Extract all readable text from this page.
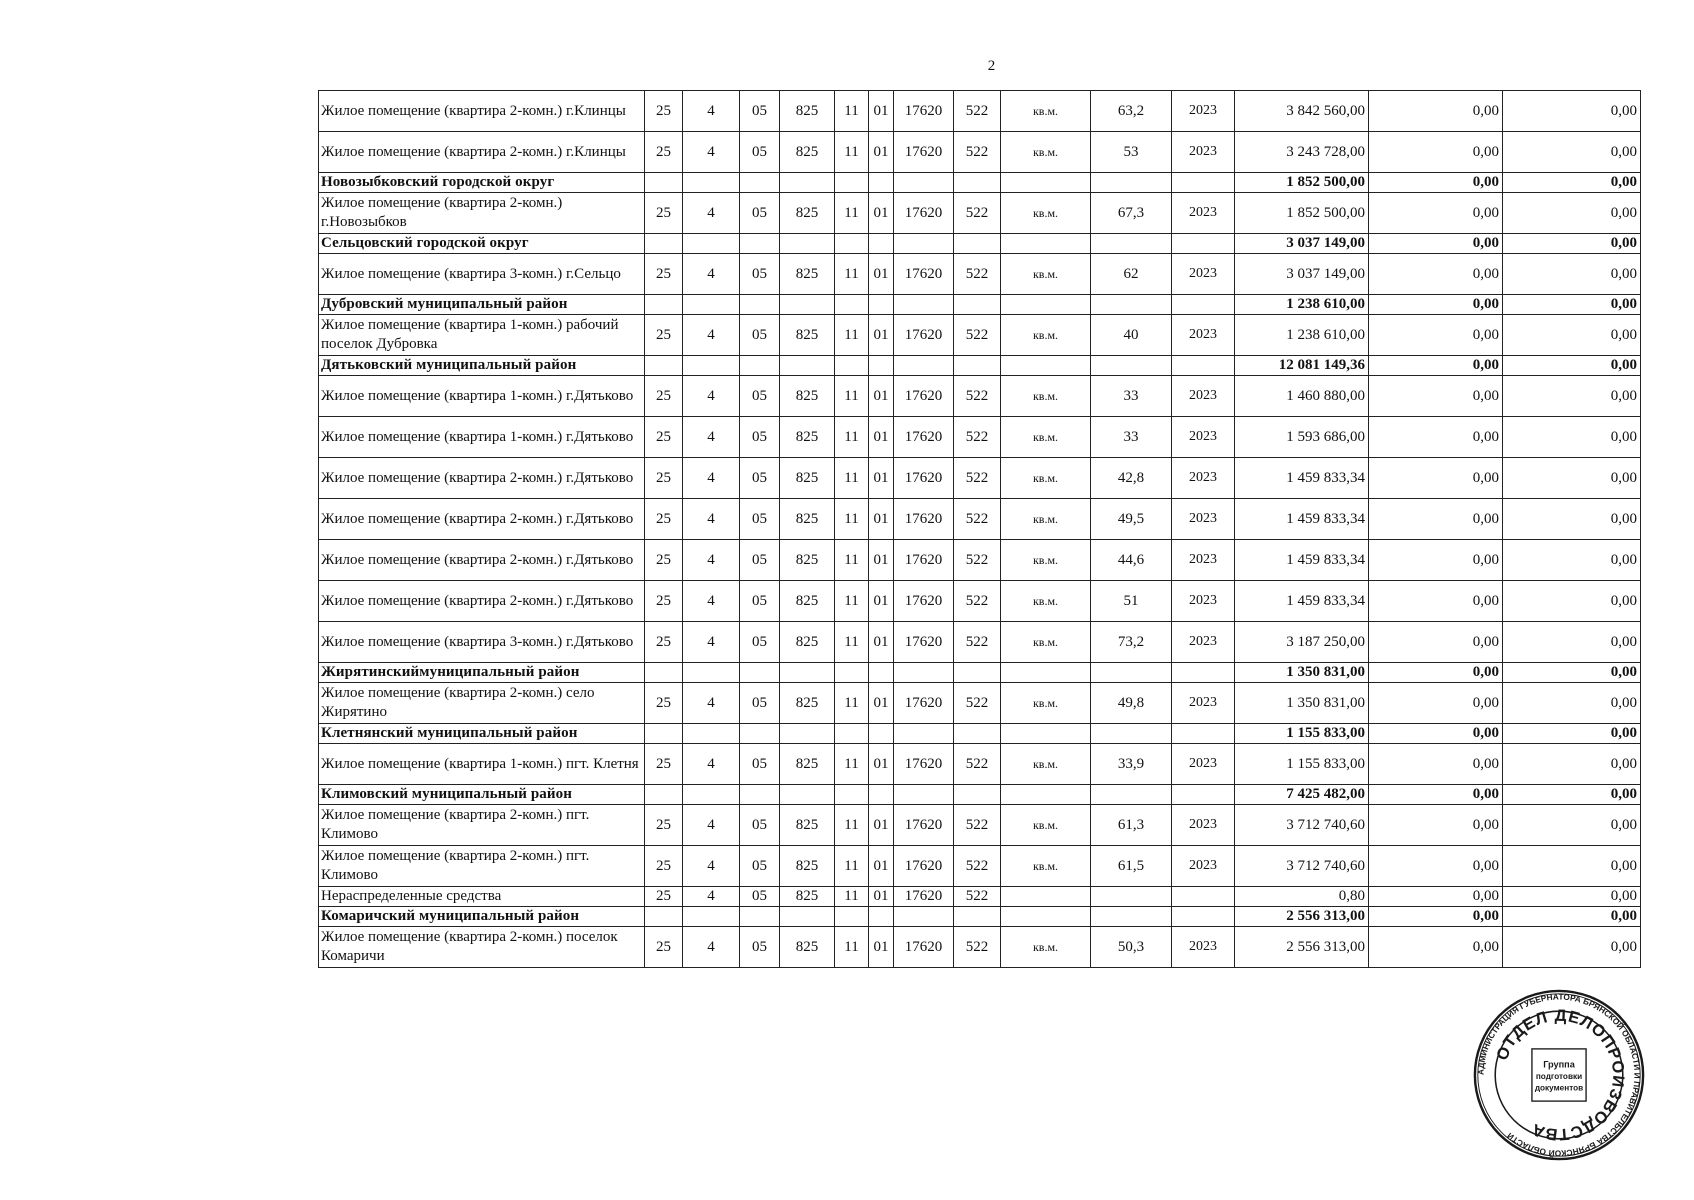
2
Жилое помещение (квартира 2-комн.) г.Клинцы	25	4	05	825	11	01	17620	522	кв.м.	63,2	2023	3 842 560,00	0,00	0,00
Жилое помещение (квартира 2-комн.) г.Клинцы	25	4	05	825	11	01	17620	522	кв.м.	53	2023	3 243 728,00	0,00	0,00
Новозыбковский городской округ												1 852 500,00	0,00	0,00
Жилое помещение (квартира 2-комн.) г.Новозыбков	25	4	05	825	11	01	17620	522	кв.м.	67,3	2023	1 852 500,00	0,00	0,00
Сельцовский городской округ												3 037 149,00	0,00	0,00
Жилое помещение (квартира 3-комн.) г.Сельцо	25	4	05	825	11	01	17620	522	кв.м.	62	2023	3 037 149,00	0,00	0,00
Дубровский муниципальный район												1 238 610,00	0,00	0,00
Жилое помещение (квартира 1-комн.) рабочий поселок Дубровка	25	4	05	825	11	01	17620	522	кв.м.	40	2023	1 238 610,00	0,00	0,00
Дятьковский муниципальный район												12 081 149,36	0,00	0,00
Жилое помещение (квартира 1-комн.) г.Дятьково	25	4	05	825	11	01	17620	522	кв.м.	33	2023	1 460 880,00	0,00	0,00
Жилое помещение (квартира 1-комн.) г.Дятьково	25	4	05	825	11	01	17620	522	кв.м.	33	2023	1 593 686,00	0,00	0,00
Жилое помещение (квартира 2-комн.) г.Дятьково	25	4	05	825	11	01	17620	522	кв.м.	42,8	2023	1 459 833,34	0,00	0,00
Жилое помещение (квартира 2-комн.) г.Дятьково	25	4	05	825	11	01	17620	522	кв.м.	49,5	2023	1 459 833,34	0,00	0,00
Жилое помещение (квартира 2-комн.) г.Дятьково	25	4	05	825	11	01	17620	522	кв.м.	44,6	2023	1 459 833,34	0,00	0,00
Жилое помещение (квартира 2-комн.) г.Дятьково	25	4	05	825	11	01	17620	522	кв.м.	51	2023	1 459 833,34	0,00	0,00
Жилое помещение (квартира 3-комн.) г.Дятьково	25	4	05	825	11	01	17620	522	кв.м.	73,2	2023	3 187 250,00	0,00	0,00
Жирятинскиймуниципальный район												1 350 831,00	0,00	0,00
Жилое помещение (квартира 2-комн.) село Жирятино	25	4	05	825	11	01	17620	522	кв.м.	49,8	2023	1 350 831,00	0,00	0,00
Клетнянский муниципальный район												1 155 833,00	0,00	0,00
Жилое помещение (квартира 1-комн.) пгт. Клетня	25	4	05	825	11	01	17620	522	кв.м.	33,9	2023	1 155 833,00	0,00	0,00
Климовский муниципальный район												7 425 482,00	0,00	0,00
Жилое помещение (квартира 2-комн.) пгт. Климово	25	4	05	825	11	01	17620	522	кв.м.	61,3	2023	3 712 740,60	0,00	0,00
Жилое помещение (квартира 2-комн.) пгт. Климово	25	4	05	825	11	01	17620	522	кв.м.	61,5	2023	3 712 740,60	0,00	0,00
Нераспределенные средства	25	4	05	825	11	01	17620	522				0,80	0,00	0,00
Комаричский муниципальный район												2 556 313,00	0,00	0,00
Жилое помещение (квартира 2-комн.) поселок Комаричи	25	4	05	825	11	01	17620	522	кв.м.	50,3	2023	2 556 313,00	0,00	0,00
АДМИНИСТРАЦИЯ ГУБЕРНАТОРА БРЯНСКОЙ ОБЛАСТИ И ПРАВИТЕЛЬСТВА БРЯНСКОЙ ОБЛАСТИ
ОТДЕЛ ДЕЛОПРОИЗВОДСТВА
Группа
подготовки
документов
